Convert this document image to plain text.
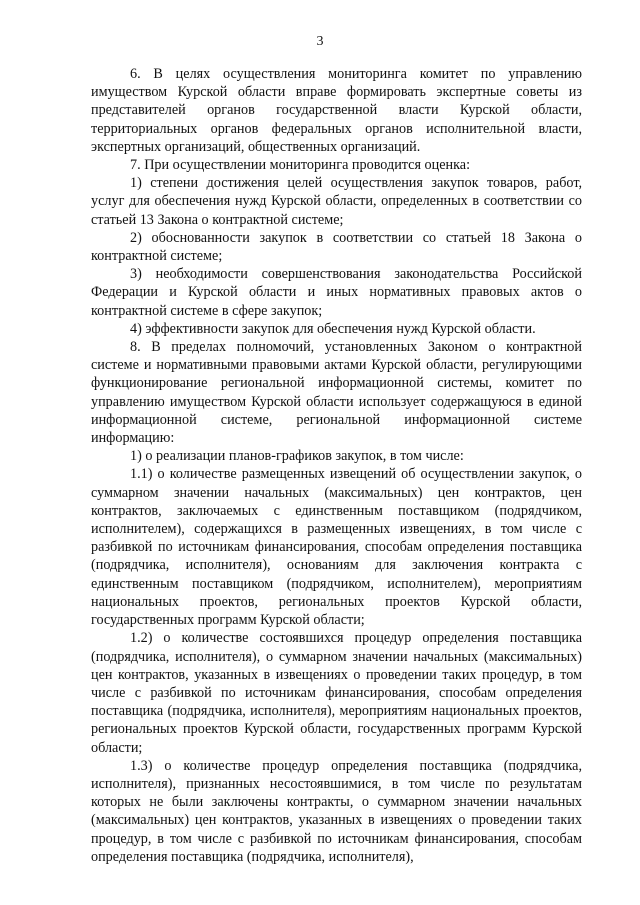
3

6. В целях осуществления мониторинга комитет по управлению имуществом Курской области вправе формировать экспертные советы из представителей органов государственной власти Курской области, территориальных органов федеральных органов исполнительной власти, экспертных организаций, общественных организаций.

7. При осуществлении мониторинга проводится оценка:

1) степени достижения целей осуществления закупок товаров, работ, услуг для обеспечения нужд Курской области, определенных в соответствии со статьей 13 Закона о контрактной системе;

2) обоснованности закупок в соответствии со статьей 18 Закона о контрактной системе;

3) необходимости совершенствования законодательства Российской Федерации и Курской области и иных нормативных правовых актов о контрактной системе в сфере закупок;

4) эффективности закупок для обеспечения нужд Курской области.

8. В пределах полномочий, установленных Законом о контрактной системе и нормативными правовыми актами Курской области, регулирующими функционирование региональной информационной системы, комитет по управлению имуществом Курской области использует содержащуюся в единой информационной системе, региональной информационной системе информацию:

1) о реализации планов-графиков закупок, в том числе:

1.1) о количестве размещенных извещений об осуществлении закупок, о суммарном значении начальных (максимальных) цен контрактов, цен контрактов, заключаемых с единственным поставщиком (подрядчиком, исполнителем), содержащихся в размещенных извещениях, в том числе с разбивкой по источникам финансирования, способам определения поставщика (подрядчика, исполнителя), основаниям для заключения контракта с единственным поставщиком (подрядчиком, исполнителем), мероприятиям национальных проектов, региональных проектов Курской области, государственных программ Курской области;

1.2) о количестве состоявшихся процедур определения поставщика (подрядчика, исполнителя), о суммарном значении начальных (максимальных) цен контрактов, указанных в извещениях о проведении таких процедур, в том числе с разбивкой по источникам финансирования, способам определения поставщика (подрядчика, исполнителя), мероприятиям национальных проектов, региональных проектов Курской области, государственных программ Курской области;

1.3) о количестве процедур определения поставщика (подрядчика, исполнителя), признанных несостоявшимися, в том числе по результатам которых не были заключены контракты, о суммарном значении начальных (максимальных) цен контрактов, указанных в извещениях о проведении таких процедур, в том числе с разбивкой по источникам финансирования, способам определения поставщика (подрядчика, исполнителя),
